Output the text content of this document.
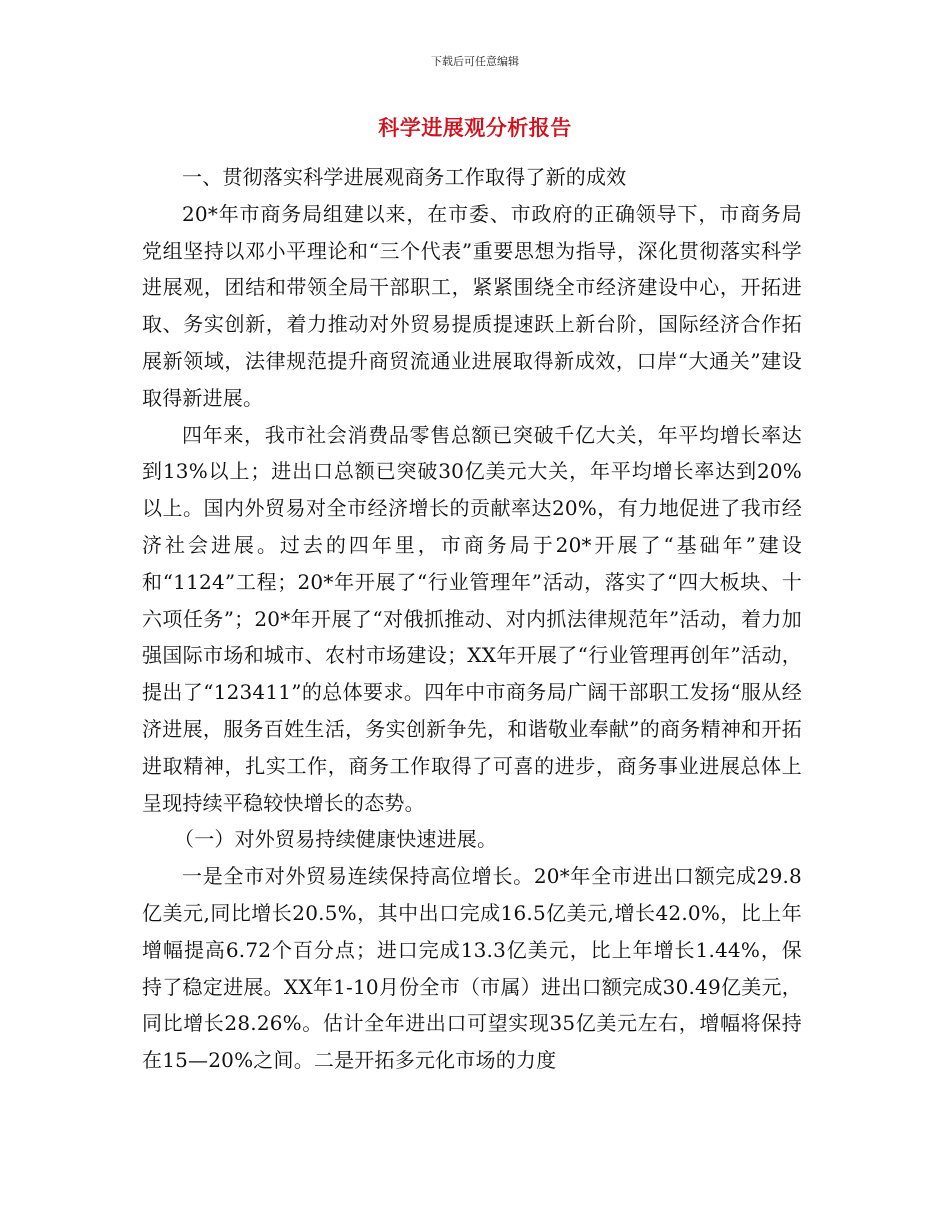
下载后可任意编辑
科学进展观分析报告

一、贯彻落实科学进展观商务工作取得了新的成效

20*年市商务局组建以来，在市委、市政府的正确领导下，市商务局党组坚持以邓小平理论和“三个代表”重要思想为指导，深化贯彻落实科学进展观，团结和带领全局干部职工，紧紧围绕全市经济建设中心，开拓进取、务实创新，着力推动对外贸易提质提速跃上新台阶，国际经济合作拓展新领域，法律规范提升商贸流通业进展取得新成效，口岸“大通关”建设取得新进展。

四年来，我市社会消费品零售总额已突破千亿大关，年平均增长率达到13%以上；进出口总额已突破30亿美元大关，年平均增长率达到20%以上。国内外贸易对全市经济增长的贡献率达20%，有力地促进了我市经济社会进展。过去的四年里，市商务局于20*开展了“基础年”建设和“1124”工程；20*年开展了“行业管理年”活动，落实了“四大板块、十六项任务”；20*年开展了“对俄抓推动、对内抓法律规范年”活动，着力加强国际市场和城市、农村市场建设；XX年开展了“行业管理再创年”活动，提出了“123411”的总体要求。四年中市商务局广阔干部职工发扬“服从经济进展，服务百姓生活，务实创新争先，和谐敬业奉献”的商务精神和开拓进取精神，扎实工作，商务工作取得了可喜的进步，商务事业进展总体上呈现持续平稳较快增长的态势。

（一）对外贸易持续健康快速进展。

一是全市对外贸易连续保持高位增长。20*年全市进出口额完成29.8亿美元,同比增长20.5%，其中出口完成16.5亿美元,增长42.0%，比上年增幅提高6.72个百分点；进口完成13.3亿美元，比上年增长1.44%，保持了稳定进展。XX年1-10月份全市（市属）进出口额完成30.49亿美元，同比增长28.26%。估计全年进出口可望实现35亿美元左右，增幅将保持在15—20%之间。二是开拓多元化市场的力度
